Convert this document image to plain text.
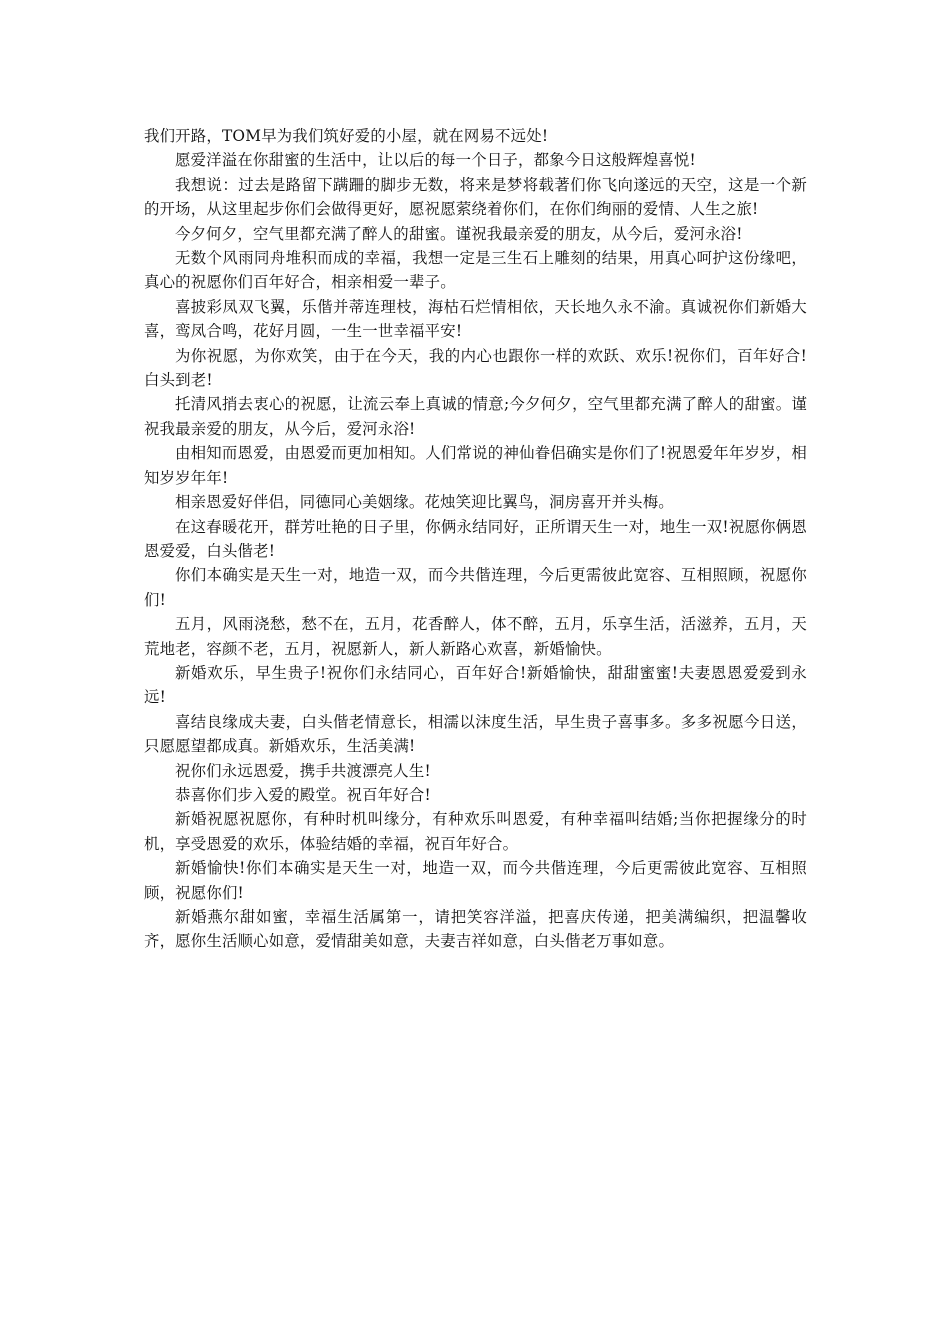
我们开路，TOM早为我们筑好爱的小屋，就在网易不远处!

愿爱洋溢在你甜蜜的生活中，让以后的每一个日子，都象今日这般辉煌喜悦!

我想说：过去是路留下蹒跚的脚步无数，将来是梦将载著们你飞向遂远的天空，这是一个新的开场，从这里起步你们会做得更好，愿祝愿萦绕着你们，在你们绚丽的爱情、人生之旅!

今夕何夕，空气里都充满了醉人的甜蜜。谨祝我最亲爱的朋友，从今后，爱河永浴!

无数个风雨同舟堆积而成的幸福，我想一定是三生石上雕刻的结果，用真心呵护这份缘吧，真心的祝愿你们百年好合，相亲相爱一辈子。

喜披彩凤双飞翼，乐偕并蒂连理枝，海枯石烂情相依，天长地久永不渝。真诚祝你们新婚大喜，鸾凤合鸣，花好月圆，一生一世幸福平安!

为你祝愿，为你欢笑，由于在今天，我的内心也跟你一样的欢跃、欢乐!祝你们，百年好合!白头到老!

托清风捎去衷心的祝愿，让流云奉上真诚的情意;今夕何夕，空气里都充满了醉人的甜蜜。谨祝我最亲爱的朋友，从今后，爱河永浴!

由相知而恩爱，由恩爱而更加相知。人们常说的神仙眷侣确实是你们了!祝恩爱年年岁岁，相知岁岁年年!

相亲恩爱好伴侣，同德同心美姻缘。花烛笑迎比翼鸟，洞房喜开并头梅。

在这春暖花开，群芳吐艳的日子里，你俩永结同好，正所谓天生一对，地生一双!祝愿你俩恩恩爱爱，白头偕老!

你们本确实是天生一对，地造一双，而今共偕连理，今后更需彼此宽容、互相照顾，祝愿你们!

五月，风雨浇愁，愁不在，五月，花香醉人，体不醉，五月，乐享生活，活滋养，五月，天荒地老，容颜不老，五月，祝愿新人，新人新路心欢喜，新婚愉快。

新婚欢乐，早生贵子!祝你们永结同心，百年好合!新婚愉快，甜甜蜜蜜!夫妻恩恩爱爱到永远!

喜结良缘成夫妻，白头偕老情意长，相濡以沫度生活，早生贵子喜事多。多多祝愿今日送，只愿愿望都成真。新婚欢乐，生活美满!

祝你们永远恩爱，携手共渡漂亮人生!

恭喜你们步入爱的殿堂。祝百年好合!

新婚祝愿祝愿你，有种时机叫缘分，有种欢乐叫恩爱，有种幸福叫结婚;当你把握缘分的时机，享受恩爱的欢乐，体验结婚的幸福，祝百年好合。

新婚愉快!你们本确实是天生一对，地造一双，而今共偕连理，今后更需彼此宽容、互相照顾，祝愿你们!

新婚燕尔甜如蜜，幸福生活属第一，请把笑容洋溢，把喜庆传递，把美满编织，把温馨收齐，愿你生活顺心如意，爱情甜美如意，夫妻吉祥如意，白头偕老万事如意。
